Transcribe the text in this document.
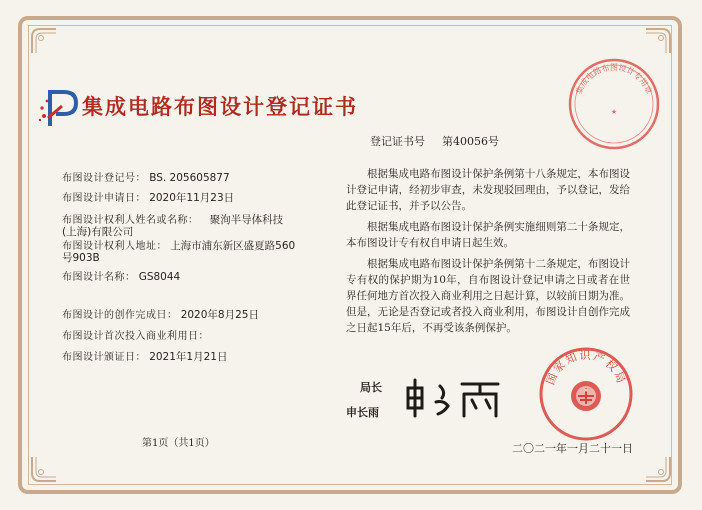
集成电路布图设计登记证书
集成电路布图设计专用章
★
登记证书号 第40056号
布图设计登记号： BS. 205605877
布图设计申请日： 2020年11月23日
布图设计权利人姓名或名称： 聚洵半导体科技
(上海)有限公司
布图设计权利人地址： 上海市浦东新区盛夏路560
号903B
布图设计名称： GS8044
布图设计的创作完成日： 2020年8月25日
布图设计首次投入商业利用日：
布图设计颁证日： 2021年1月21日
根据集成电路布图设计保护条例第十八条规定，本布图设计登记申请，经初步审查，未发现驳回理由，予以登记，发给此登记证书，并予以公告。
根据集成电路布图设计保护条例实施细则第二十条规定，本布图设计专有权自申请日起生效。
根据集成电路布图设计保护条例第十二条规定，布图设计专有权的保护期为10年，自布图设计登记申请之日或者在世界任何地方首次投入商业利用之日起计算，以较前日期为准。但是，无论是否登记或者投入商业利用，布图设计自创作完成之日起15年后，不再受该条例保护。
局长
申长雨
国家知识产权局
★
二〇二一年一月二十一日
第1页（共1页）
